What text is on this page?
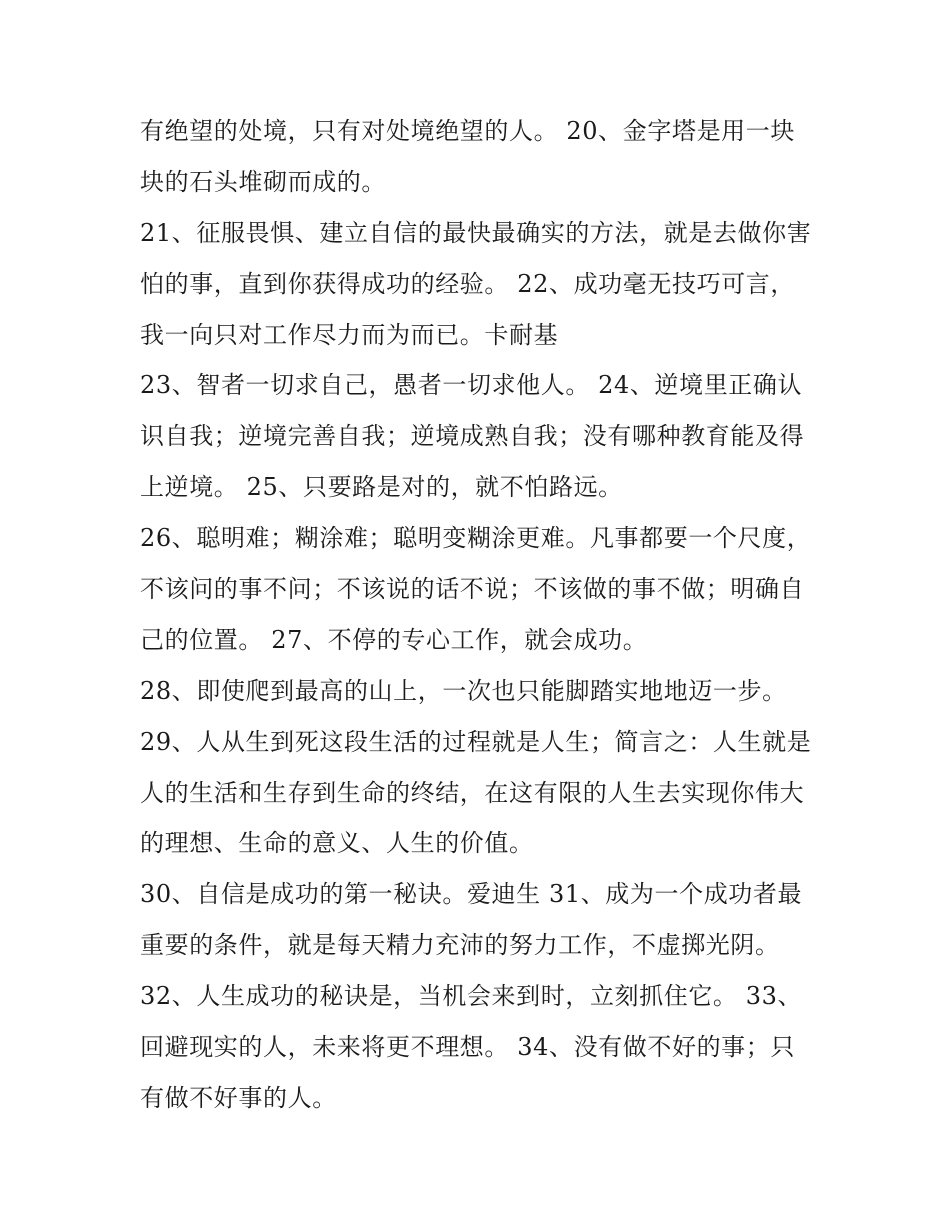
有绝望的处境，只有对处境绝望的人。 20、金字塔是用一块
块的石头堆砌而成的。
21、征服畏惧、建立自信的最快最确实的方法，就是去做你害
怕的事，直到你获得成功的经验。 22、成功毫无技巧可言，
我一向只对工作尽力而为而已。卡耐基
23、智者一切求自己，愚者一切求他人。 24、逆境里正确认
识自我；逆境完善自我；逆境成熟自我；没有哪种教育能及得
上逆境。 25、只要路是对的，就不怕路远。
26、聪明难；糊涂难；聪明变糊涂更难。凡事都要一个尺度，
不该问的事不问；不该说的话不说；不该做的事不做；明确自
己的位置。 27、不停的专心工作，就会成功。
28、即使爬到最高的山上，一次也只能脚踏实地地迈一步。
29、人从生到死这段生活的过程就是人生；简言之：人生就是
人的生活和生存到生命的终结，在这有限的人生去实现你伟大
的理想、生命的意义、人生的价值。
30、自信是成功的第一秘诀。爱迪生 31、成为一个成功者最
重要的条件，就是每天精力充沛的努力工作，不虚掷光阴。
32、人生成功的秘诀是，当机会来到时，立刻抓住它。 33、
回避现实的人，未来将更不理想。 34、没有做不好的事；只
有做不好事的人。
